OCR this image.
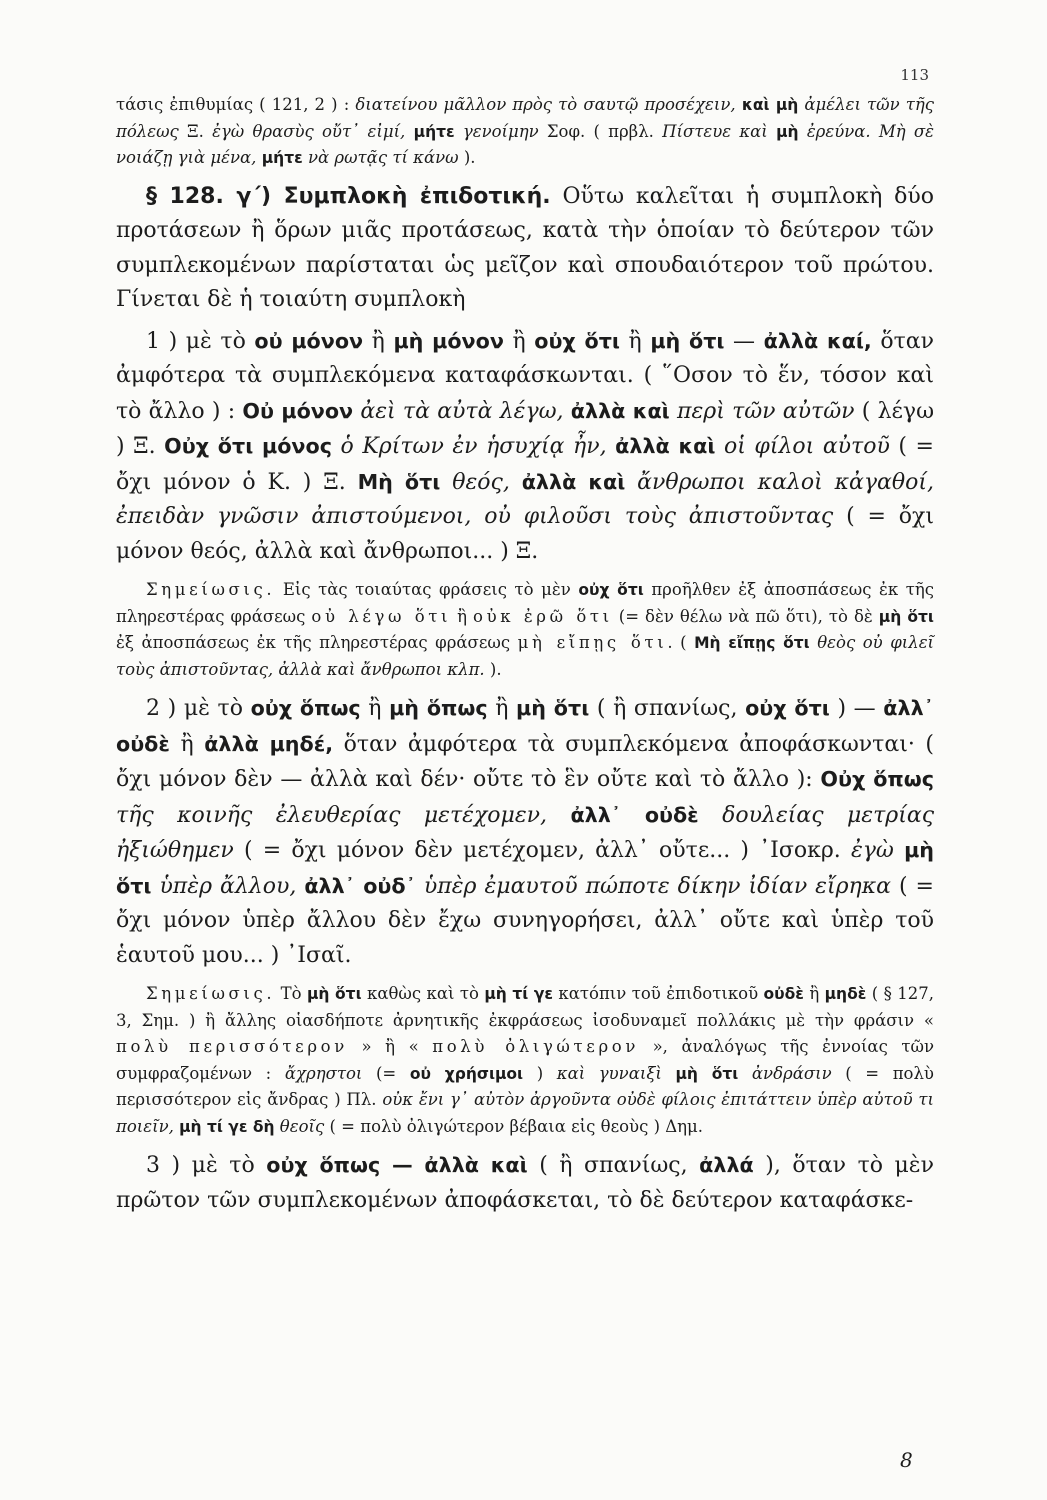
113

τάσις ἐπιθυμίας ( 121, 2 ) : διατείνου μᾶλλον πρὸς τὸ σαυτῷ προσέχειν, καὶ μὴ ἀμέλει τῶν τῆς πόλεως Ξ. ἐγὼ θρασὺς οὔτ᾽ εἰμί, μήτε γενοίμην Σοφ. ( πρβλ. Πίστευε καὶ μὴ ἐρεύνα. Μὴ σὲ νοιάζῃ γιὰ μένα, μήτε νὰ ρωτᾷς τί κάνω ).

§ 128. γ΄) Συμπλοκὴ ἐπιδοτική. Οὕτω καλεῖται ἡ συμπλοκὴ δύο προτάσεων ἢ ὅρων μιᾶς προτάσεως, κατὰ τὴν ὁποίαν τὸ δεύτερον τῶν συμπλεκομένων παρίσταται ὡς μεῖζον καὶ σπουδαιότερον τοῦ πρώτου. Γίνεται δὲ ἡ τοιαύτη συμπλοκὴ

1 ) μὲ τὸ οὐ μόνον ἢ μὴ μόνον ἢ οὐχ ὅτι ἢ μὴ ὅτι — ἀλλὰ καί, ὅταν ἀμφότερα τὰ συμπλεκόμενα καταφάσκωνται. ( ῞Οσον τὸ ἕν, τόσον καὶ τὸ ἄλλο ) : Οὐ μόνον ἀεὶ τὰ αὐτὰ λέγω, ἀλλὰ καὶ περὶ τῶν αὐτῶν ( λέγω ) Ξ. Οὐχ ὅτι μόνος ὁ Κρίτων ἐν ἡσυχίᾳ ἦν, ἀλλὰ καὶ οἱ φίλοι αὐτοῦ ( = ὄχι μόνον ὁ Κ. ) Ξ. Μὴ ὅτι θεός, ἀλλὰ καὶ ἄνθρωποι καλοὶ κἀγαθοί, ἐπειδὰν γνῶσιν ἀπιστούμενοι, οὐ φιλοῦσι τοὺς ἀπιστοῦντας ( = ὄχι μόνον θεός, ἀλλὰ καὶ ἄνθρωποι... ) Ξ.

Σημείωσις. Εἰς τὰς τοιαύτας φράσεις τὸ μὲν οὐχ ὅτι προῆλθεν ἐξ ἀποσπάσεως ἐκ τῆς πληρεστέρας φράσεως οὐ λέγω ὅτι ἢ οὐκ ἐρῶ ὅτι (= δὲν θέλω νὰ πῶ ὅτι), τὸ δὲ μὴ ὅτι ἐξ ἀποσπάσεως ἐκ τῆς πληρεστέρας φράσεως μὴ εἴπῃς ὅτι. ( Μὴ εἴπῃς ὅτι θεὸς οὐ φιλεῖ τοὺς ἀπιστοῦντας, ἀλλὰ καὶ ἄνθρωποι κλπ. ).

2 ) μὲ τὸ οὐχ ὅπως ἢ μὴ ὅπως ἢ μὴ ὅτι ( ἢ σπανίως, οὐχ ὅτι ) — ἀλλ᾽ οὐδὲ ἢ ἀλλὰ μηδέ, ὅταν ἀμφότερα τὰ συμπλεκόμενα ἀποφάσκωνται· ( ὄχι μόνον δὲν — ἀλλὰ καὶ δέν· οὔτε τὸ ἓν οὔτε καὶ τὸ ἄλλο ): Οὐχ ὅπως τῆς κοινῆς ἐλευθερίας μετέχομεν, ἀλλ᾽ οὐδὲ δουλείας μετρίας ἠξιώθημεν ( = ὄχι μόνον δὲν μετέχομεν, ἀλλ᾽ οὔτε... ) ᾽Ισοκρ. ἐγὼ μὴ ὅτι ὑπὲρ ἄλλου, ἀλλ᾽ οὐδ᾽ ὑπὲρ ἐμαυτοῦ πώποτε δίκην ἰδίαν εἴρηκα ( = ὄχι μόνον ὑπὲρ ἄλλου δὲν ἔχω συνηγορήσει, ἀλλ᾽ οὔτε καὶ ὑπὲρ τοῦ ἑαυτοῦ μου... ) ᾽Ισαῖ.

Σημείωσις. Τὸ μὴ ὅτι καθὼς καὶ τὸ μὴ τί γε κατόπιν τοῦ ἐπιδοτικοῦ οὐδὲ ἢ μηδὲ ( § 127, 3, Σημ. ) ἢ ἄλλης οἱασδήποτε ἀρνητικῆς ἐκφράσεως ἰσοδυναμεῖ πολλάκις μὲ τὴν φράσιν « πολὺ περισσότερον » ἢ « πολὺ ὀλιγώτερον », ἀναλόγως τῆς ἐννοίας τῶν συμφραζομένων : ἄχρηστοι (= οὐ χρήσιμοι ) καὶ γυναιξὶ μὴ ὅτι ἀνδράσιν ( = πολὺ περισσότερον εἰς ἄνδρας ) Πλ. οὐκ ἔνι γ᾽ αὐτὸν ἀργοῦντα οὐδὲ φίλοις ἐπιτάττειν ὑπὲρ αὐτοῦ τι ποιεῖν, μὴ τί γε δὴ θεοῖς ( = πολὺ ὀλιγώτερον βέβαια εἰς θεοὺς ) Δημ.

3 ) μὲ τὸ οὐχ ὅπως — ἀλλὰ καὶ ( ἢ σπανίως, ἀλλά ), ὅταν τὸ μὲν πρῶτον τῶν συμπλεκομένων ἀποφάσκεται, τὸ δὲ δεύτερον καταφάσκε-

8
